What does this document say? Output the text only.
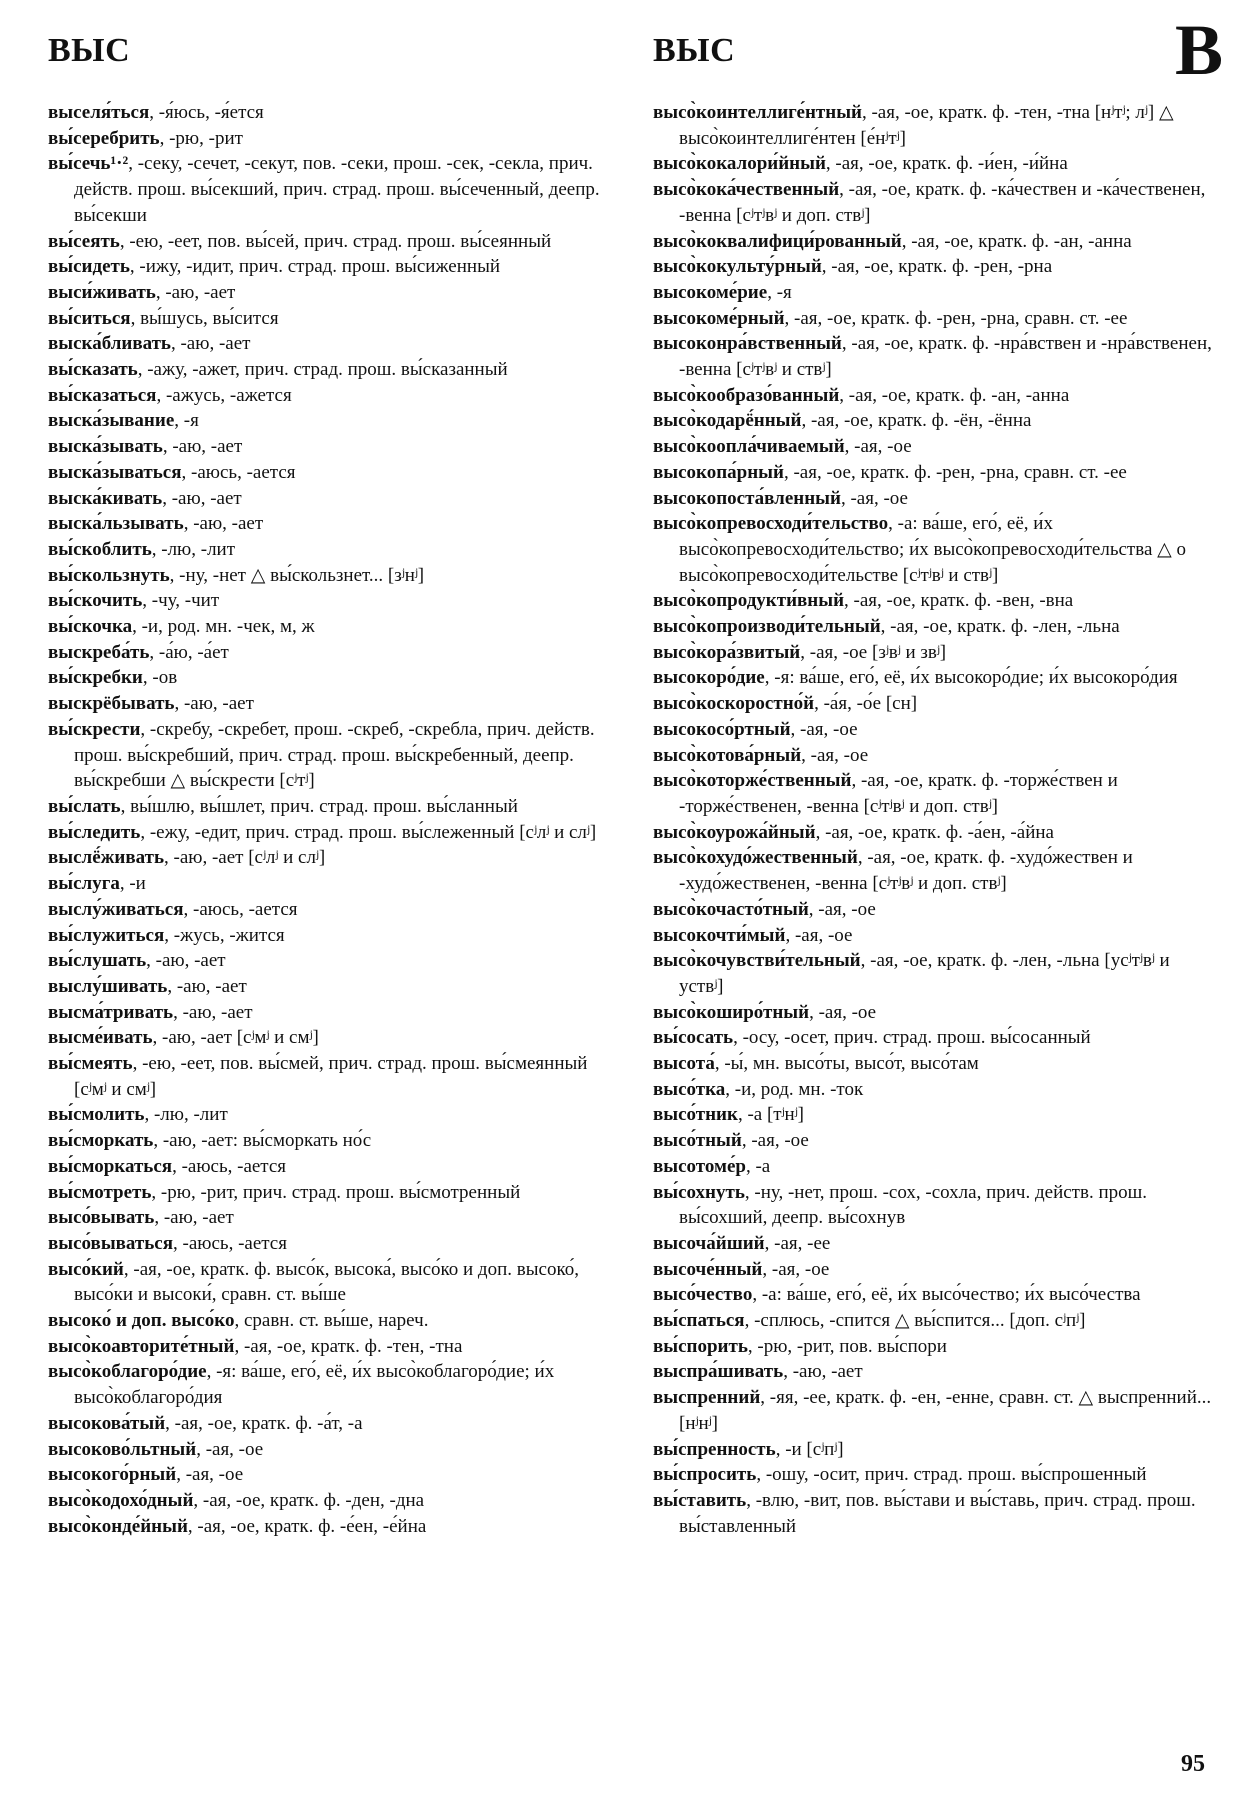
ВЫС	ВЫС	В
выселя́ться, -я́юсь, -я́ется
вы́серебрить, -рю, -рит
вы́сечь¹·², -секу, -сечет, -секут, пов. -секи, прош. -сек, -секла, прич. действ. прош. вы́секший, прич. страд. прош. вы́сеченный, деепр. вы́секши
вы́сеять, -ею, -еет, пов. вы́сей, прич. страд. прош. вы́сеянный
вы́сидеть, -ижу, -идит, прич. страд. прош. вы́сиженный
выси́живать, -аю, -ает
вы́ситься, вы́шусь, вы́сится
выска́бливать, -аю, -ает
вы́сказать, -ажу, -ажет, прич. страд. прош. вы́сказанный
вы́сказаться, -ажусь, -ажется
выска́зывание, -я
выска́зывать, -аю, -ает
выска́зываться, -аюсь, -ается
выска́кивать, -аю, -ает
выска́льзывать, -аю, -ает
вы́скоблить, -лю, -лит
вы́скользнуть, -ну, -нет △ вы́скользнет... [зʲнʲ]
вы́скочить, -чу, -чит
вы́скочка, -и, род. мн. -чек, м, ж
выскреба́ть, -а́ю, -а́ет
вы́скребки, -ов
выскрёбывать, -аю, -ает
вы́скрести, -скребу, -скребет, прош. -скреб, -скребла, прич. действ. прош. вы́скребший, прич. страд. прош. вы́скребенный, деепр. вы́скребши △ вы́скрести [сʲтʲ]
вы́слать, вы́шлю, вы́шлет, прич. страд. прош. вы́сланный
вы́следить, -ежу, -едит, прич. страд. прош. вы́слеженный [сʲлʲ и слʲ]
выслё́живать, -аю, -ает [сʲлʲ и слʲ]
вы́слуга, -и
выслу́живаться, -аюсь, -ается
вы́служиться, -жусь, -жится
вы́слушать, -аю, -ает
выслу́шивать, -аю, -ает
высма́тривать, -аю, -ает
высме́ивать, -аю, -ает [сʲмʲ и смʲ]
вы́смеять, -ею, -еет, пов. вы́смей, прич. страд. прош. вы́смеянный [сʲмʲ и смʲ]
вы́смолить, -лю, -лит
вы́сморкать, -аю, -ает: вы́сморкать но́с
вы́сморкаться, -аюсь, -ается
вы́смотреть, -рю, -рит, прич. страд. прош. вы́смотренный
высо́вывать, -аю, -ает
высо́вываться, -аюсь, -ается
высо́кий, -ая, -ое, кратк. ф. высо́к, высока́, высо́ко и доп. высоко́, высо́ки и высоки́, сравн. ст. вы́ше
высоко́ и доп. высо́ко, сравн. ст. вы́ше, нареч.
высо̀коавторите́тный, -ая, -ое, кратк. ф. -тен, -тна
высо̀коблагоро́дие, -я: ва́ше, его́, её, и́х высо̀коблагоро́дие; и́х высо̀коблагоро́дия
высокова́тый, -ая, -ое, кратк. ф. -а́т, -а
высоково́льтный, -ая, -ое
высокого́рный, -ая, -ое
высо̀кодохо́дный, -ая, -ое, кратк. ф. -ден, -дна
высо̀конде́йный, -ая, -ое, кратк. ф. -е́ен, -е́йна
высо̀коинтеллиге́нтный, -ая, -ое, кратк. ф. -тен, -тна [нʲтʲ; лʲ] △ высо̀коинтеллиге́нтен [е́нʲтʲ]
высо̀кокалори́йный, -ая, -ое, кратк. ф. -и́ен, -и́йна
высо̀кока́чественный, -ая, -ое, кратк. ф. -ка́чествен и -ка́чественен, -венна [сʲтʲвʲ и доп. ствʲ]
высо̀коквалифици́рованный, -ая, -ое, кратк. ф. -ан, -анна
высо̀кокульту́рный, -ая, -ое, кратк. ф. -рен, -рна
высокоме́рие, -я
высокоме́рный, -ая, -ое, кратк. ф. -рен, -рна, сравн. ст. -ее
высоконра́вственный, -ая, -ое, кратк. ф. -нра́вствен и -нра́вственен, -венна [сʲтʲвʲ и ствʲ]
высо̀кообразо́ванный, -ая, -ое, кратк. ф. -ан, -анна
высо̀кодарё́нный, -ая, -ое, кратк. ф. -ён, -ённа
высо̀коопла́чиваемый, -ая, -ое
высокопа́рный, -ая, -ое, кратк. ф. -рен, -рна, сравн. ст. -ее
высокопоста́вленный, -ая, -ое
высо̀копревосходи́тельство, -а: ва́ше, его́, её, и́х высо̀копревосходи́тельство; и́х высо̀копревосходи́тельства △ о высо̀копревосходи́тельстве [сʲтʲвʲ и ствʲ]
высо̀копродукти́вный, -ая, -ое, кратк. ф. -вен, -вна
высо̀копроизводи́тельный, -ая, -ое, кратк. ф. -лен, -льна
высо̀кора́звитый, -ая, -ое [зʲвʲ и звʲ]
высокоро́дие, -я: ва́ше, его́, её, и́х высокоро́дие; и́х высокоро́дия
высо̀коскоростно́й, -а́я, -о́е [сн]
высокосо́ртный, -ая, -ое
высо̀котова́рный, -ая, -ое
высо̀которже́ственный, -ая, -ое, кратк. ф. -торже́ствен и -торже́ственен, -венна [сʲтʲвʲ и доп. ствʲ]
высо̀коурожа́йный, -ая, -ое, кратк. ф. -а́ен, -а́йна
высо̀кохудо́жественный, -ая, -ое, кратк. ф. -худо́жествен и -худо́жественен, -венна [сʲтʲвʲ и доп. ствʲ]
высо̀кочасто́тный, -ая, -ое
высокочти́мый, -ая, -ое
высо̀кочувстви́тельный, -ая, -ое, кратк. ф. -лен, -льна [усʲтʲвʲ и уствʲ]
высо̀коширо́тный, -ая, -ое
вы́сосать, -осу, -осет, прич. страд. прош. вы́сосанный
высота́, -ы́, мн. высо́ты, высо́т, высо́там
высо́тка, -и, род. мн. -ток
высо́тник, -а [тʲнʲ]
высо́тный, -ая, -ое
высотоме́р, -а
вы́сохнуть, -ну, -нет, прош. -сох, -сохла, прич. действ. прош. вы́сохший, деепр. вы́сохнув
высоча́йший, -ая, -ее
высоче́нный, -ая, -ое
высо́чество, -а: ва́ше, его́, её, и́х высо́чество; и́х высо́чества
вы́спаться, -сплюсь, -спится △ вы́спится... [доп. сʲпʲ]
вы́спорить, -рю, -рит, пов. вы́спори
выспра́шивать, -аю, -ает
выспренний, -яя, -ее, кратк. ф. -ен, -енне, сравн. ст. △ выспренний... [нʲнʲ]
вы́спренность, -и [сʲпʲ]
вы́спросить, -ошу, -осит, прич. страд. прош. вы́спрошенный
вы́ставить, -влю, -вит, пов. вы́стави и вы́ставь, прич. страд. прош. вы́ставленный
95
